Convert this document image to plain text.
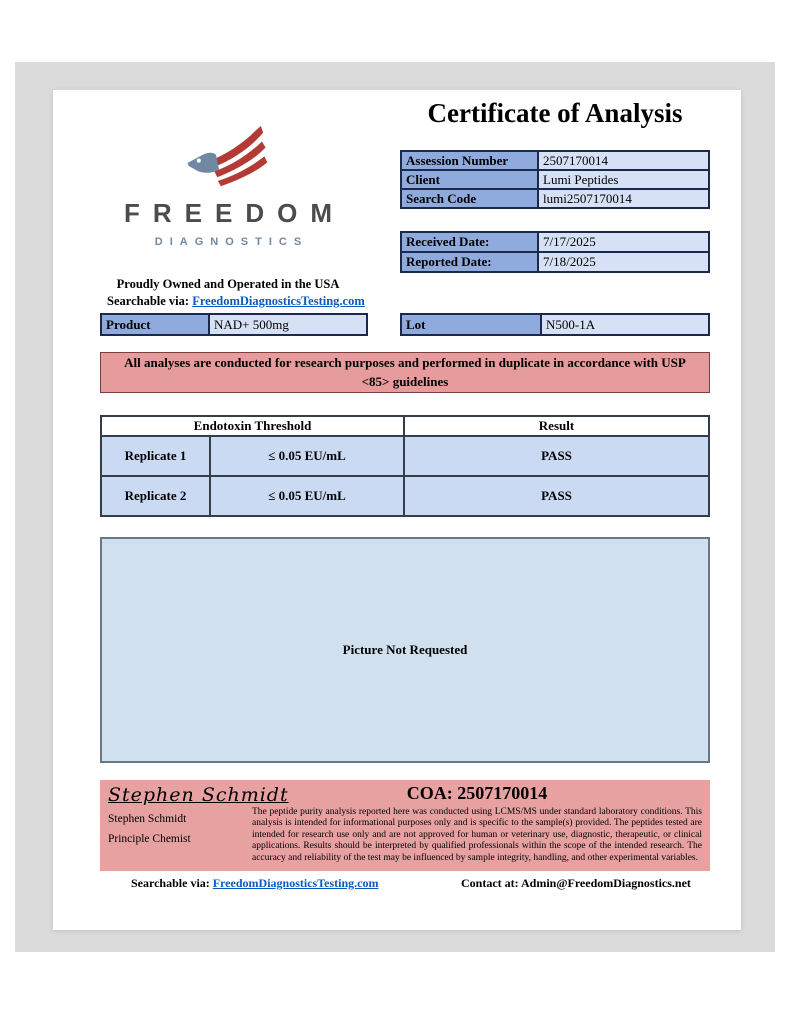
FREEDOM
DIAGNOSTICS
Proudly Owned and Operated in the USA
Searchable via: FreedomDiagnosticsTesting.com
Certificate of Analysis
Assession Number	2507170014
Client	Lumi Peptides
Search Code	lumi2507170014
Received Date:	7/17/2025
Reported Date:	7/18/2025
Product	NAD+ 500mg	Lot	N500-1A
All analyses are conducted for research purposes and performed in duplicate in accordance with USP <85> guidelines
Endotoxin Threshold		Result
Replicate 1	≤ 0.05 EU/mL	PASS
Replicate 2	≤ 0.05 EU/mL	PASS
Picture Not Requested
Stephen Schmidt
Stephen Schmidt
Principle Chemist
COA: 2507170014
The peptide purity analysis reported here was conducted using LCMS/MS under standard laboratory conditions. This analysis is intended for informational purposes only and is specific to the sample(s) provided. The peptides tested are intended for research use only and are not approved for human or veterinary use, diagnostic, therapeutic, or clinical applications. Results should be interpreted by qualified professionals within the scope of the intended research. The accuracy and reliability of the test may be influenced by sample integrity, handling, and other experimental variables.
Searchable via: FreedomDiagnosticsTesting.com	Contact at: Admin@FreedomDiagnostics.net
